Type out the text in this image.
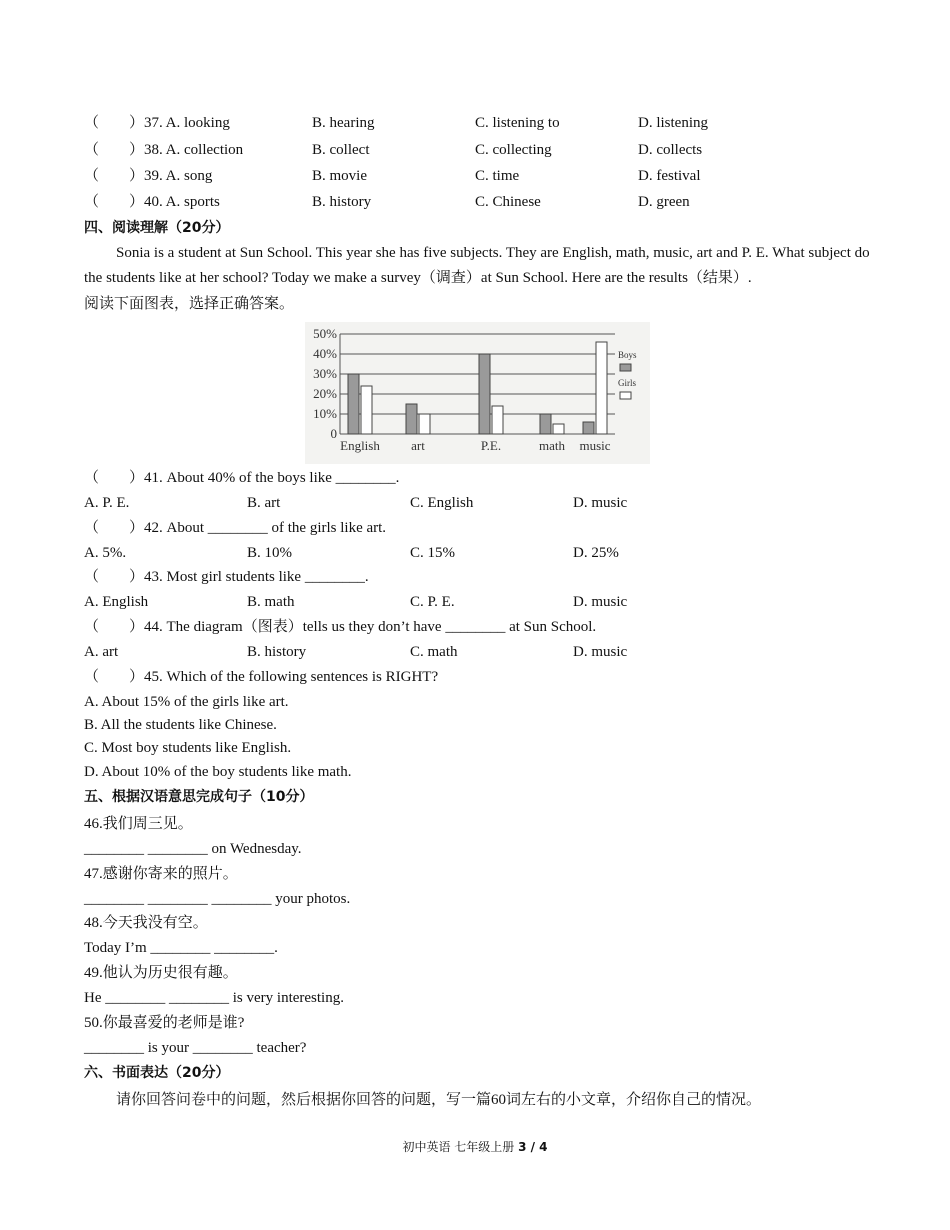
（　　）37. A. looking	B. hearing	C. listening to	D. listening
（　　）38. A. collection	B. collect	C. collecting	D. collects
（　　）39. A. song	B. movie	C. time	D. festival
（　　）40. A. sports	B. history	C. Chinese	D. green
四、阅读理解（20分）
Sonia is a student at Sun School. This year she has five subjects. They are English, math, music, art and P. E. What subject do the students like at her school? Today we make a survey（调查）at Sun School. Here are the results（结果）.
阅读下面图表，选择正确答案。
0
10%
20%
30%
40%
50%
English art	P.E.	math music
Boys
Girls
（　　）41. About 40% of the boys like ________.
A. P. E.	B. art	C. English	D. music
（　　）42. About ________ of the girls like art.
A. 5%.	B. 10%	C. 15%	D. 25%
（　　）43. Most girl students like ________.
A. English	B. math	C. P. E.	D. music
（　　）44. The diagram（图表）tells us they don’t have ________ at Sun School.
A. art	B. history	C. math	D. music
（　　）45. Which of the following sentences is RIGHT?
A. About 15% of the girls like art.
B. All the students like Chinese.
C. Most boy students like English.
D. About 10% of the boy students like math.
五、根据汉语意思完成句子（10分）
46.我们周三见。
________ ________ on Wednesday.
47.感谢你寄来的照片。
________ ________ ________ your photos.
48.今天我没有空。
Today I’m ________ ________.
49.他认为历史很有趣。
He ________ ________ is very interesting.
50.你最喜爱的老师是谁?
________ is your ________ teacher?
六、书面表达（20分）
请你回答问卷中的问题，然后根据你回答的问题，写一篇60词左右的小文章，介绍你自己的情况。
初中英语 七年级上册 3 / 4
